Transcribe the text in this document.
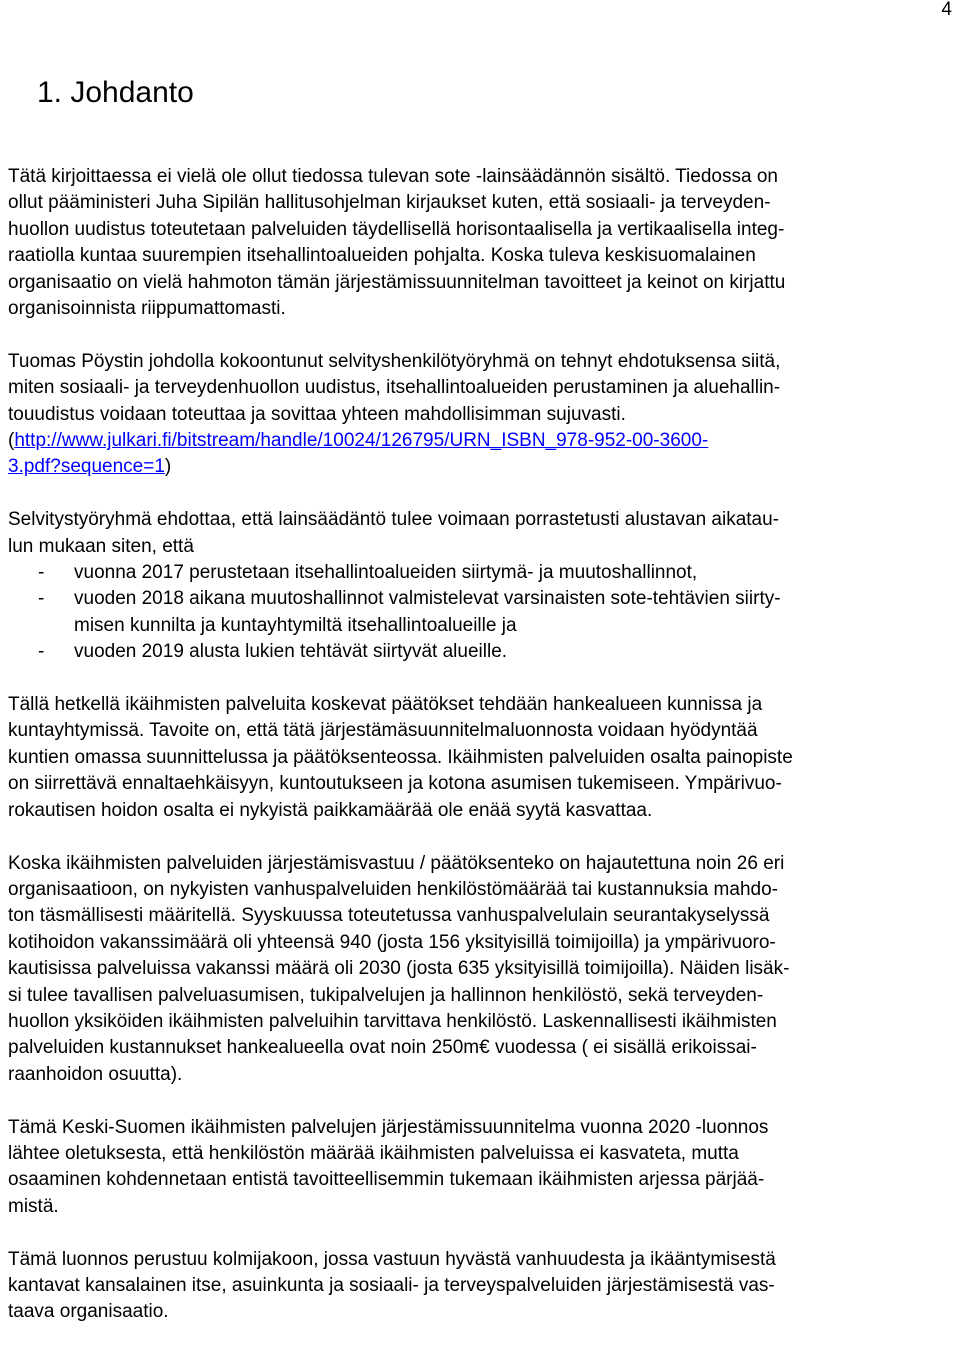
4
1. Johdanto

Tätä kirjoittaessa ei vielä ole ollut tiedossa tulevan sote -lainsäädännön sisältö. Tiedossa on
ollut pääministeri Juha Sipilän hallitusohjelman kirjaukset kuten, että sosiaali- ja terveyden-
huollon uudistus toteutetaan palveluiden täydellisellä horisontaalisella ja vertikaalisella integ-
raatiolla kuntaa suurempien itsehallintoalueiden pohjalta. Koska tuleva keskisuomalainen
organisaatio on vielä hahmoton tämän järjestämissuunnitelman tavoitteet ja keinot on kirjattu
organisoinnista riippumattomasti.

Tuomas Pöystin johdolla kokoontunut selvityshenkilötyöryhmä on tehnyt ehdotuksensa siitä,
miten sosiaali- ja terveydenhuollon uudistus, itsehallintoalueiden perustaminen ja aluehallin-
touudistus voidaan toteuttaa ja sovittaa yhteen mahdollisimman sujuvasti.
(http://www.julkari.fi/bitstream/handle/10024/126795/URN_ISBN_978-952-00-3600-
3.pdf?sequence=1)

Selvitystyöryhmä ehdottaa, että lainsäädäntö tulee voimaan porrastetusti alustavan aikatau-
lun mukaan siten, että
-	vuonna 2017 perustetaan itsehallintoalueiden siirtymä- ja muutoshallinnot,
-	vuoden 2018 aikana muutoshallinnot valmistelevat varsinaisten sote-tehtävien siirty-
misen kunnilta ja kuntayhtymiltä itsehallintoalueille ja
-	vuoden 2019 alusta lukien tehtävät siirtyvät alueille.

Tällä hetkellä ikäihmisten palveluita koskevat päätökset tehdään hankealueen kunnissa ja
kuntayhtymissä. Tavoite on, että tätä järjestämäsuunnitelmaluonnosta voidaan hyödyntää
kuntien omassa suunnittelussa ja päätöksenteossa. Ikäihmisten palveluiden osalta painopiste
on siirrettävä ennaltaehkäisyyn, kuntoutukseen ja kotona asumisen tukemiseen. Ympärivuo-
rokautisen hoidon osalta ei nykyistä paikkamäärää ole enää syytä kasvattaa.

Koska ikäihmisten palveluiden järjestämisvastuu / päätöksenteko on hajautettuna noin 26 eri
organisaatioon, on nykyisten vanhuspalveluiden henkilöstömäärää tai kustannuksia mahdo-
ton täsmällisesti määritellä. Syyskuussa toteutetussa vanhuspalvelulain seurantakyselyssä
kotihoidon vakanssimäärä oli yhteensä 940 (josta 156 yksityisillä toimijoilla) ja ympärivuoro-
kautisissa palveluissa vakanssi määrä oli 2030 (josta 635 yksityisillä toimijoilla). Näiden lisäk-
si tulee tavallisen palveluasumisen, tukipalvelujen ja hallinnon henkilöstö, sekä terveyden-
huollon yksiköiden ikäihmisten palveluihin tarvittava henkilöstö. Laskennallisesti ikäihmisten
palveluiden kustannukset hankealueella ovat noin 250m€ vuodessa ( ei sisällä erikoissai-
raanhoidon osuutta).

Tämä Keski-Suomen ikäihmisten palvelujen järjestämissuunnitelma vuonna 2020 -luonnos
lähtee oletuksesta, että henkilöstön määrää ikäihmisten palveluissa ei kasvateta, mutta
osaaminen kohdennetaan entistä tavoitteellisemmin tukemaan ikäihmisten arjessa pärjää-
mistä.

Tämä luonnos perustuu kolmijakoon, jossa vastuun hyvästä vanhuudesta ja ikääntymisestä
kantavat kansalainen itse, asuinkunta ja sosiaali- ja terveyspalveluiden järjestämisestä vas-
taava organisaatio.
